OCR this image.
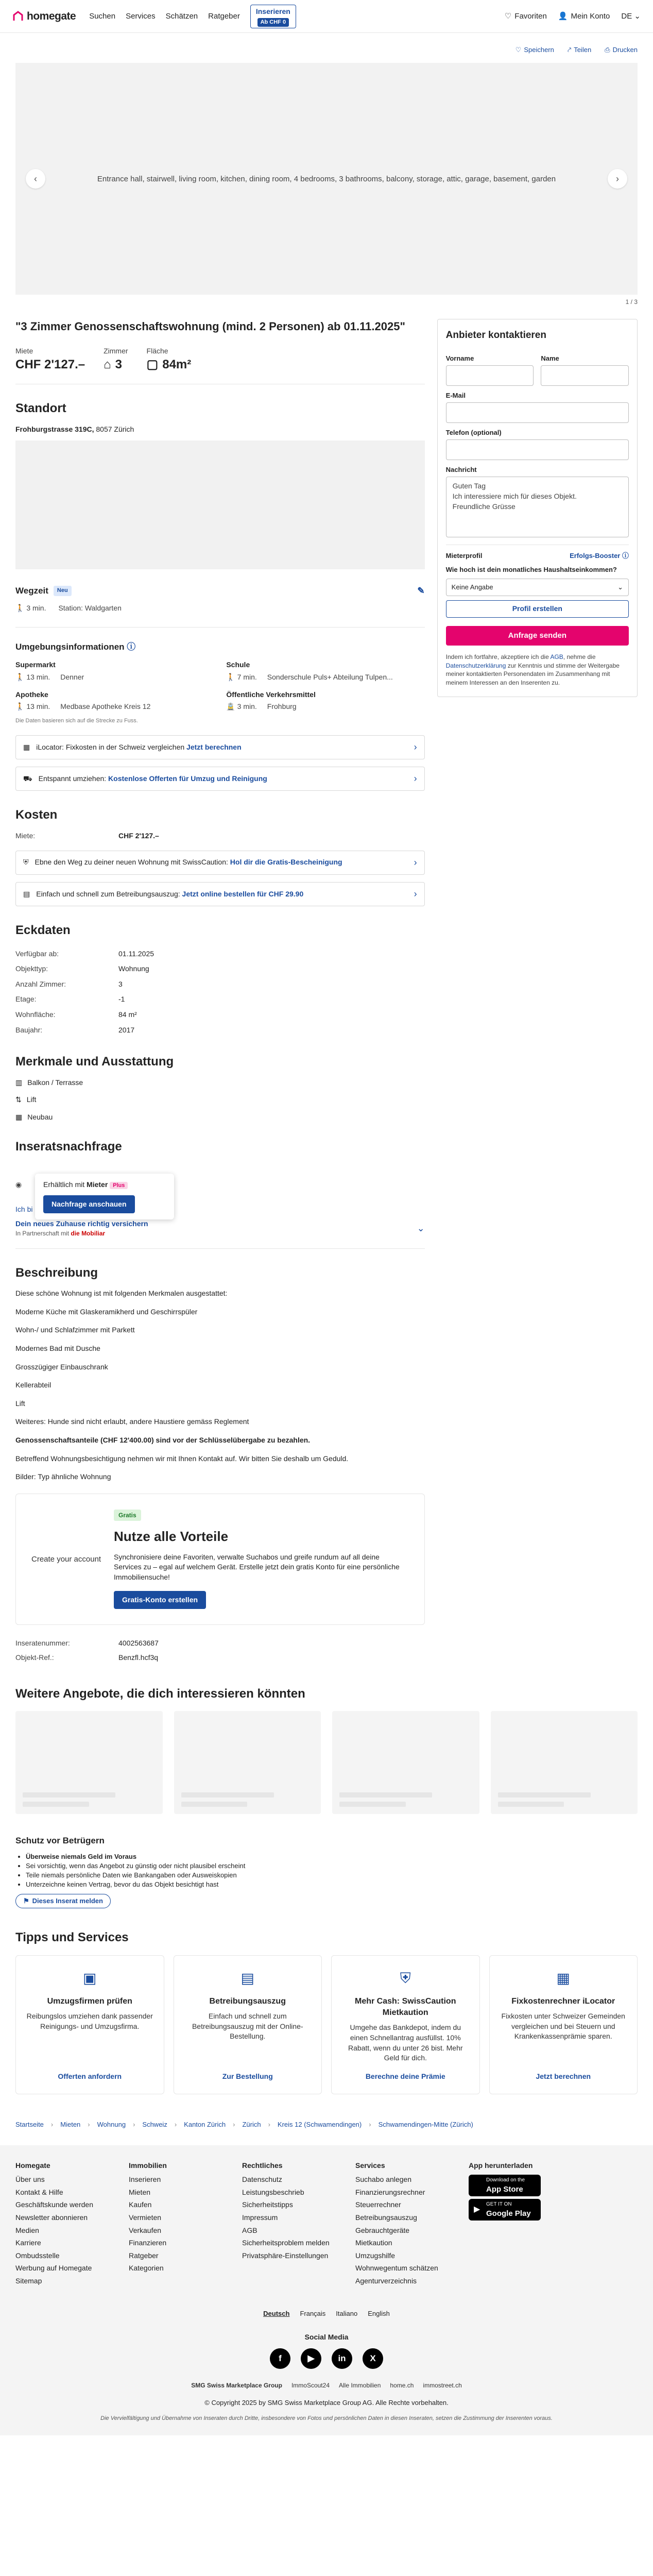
homegate Suchen Services Schätzen Ratgeber
Inserieren
Ab CHF 0
♡ Favoriten 👤 Mein Konto DE ⌄
♡ Speichern ⤤ Teilen ⎙ Drucken
‹	Entrance hall, stairwell, living room, kitchen, dining room, 4 bedrooms, 3 bathrooms, balcony, storage, attic, garage, basement, garden	›
1 / 3
"3 Zimmer Genossenschaftswohnung (mind. 2 Personen) ab 01.11.2025"
Miete
CHF 2'127.–
Zimmer
⌂ 3
Fläche
▢ 84m²
Standort
Frohburgstrasse 319C, 8057 Zürich
Wegzeit	Neu	✎
🚶 3 min. Station: Waldgarten
Umgebungsinformationen ⓘ
Supermarkt
🚶 13 min. Denner
Schule
🚶 7 min. Sonderschule Puls+ Abteilung Tulpen...
Apotheke
🚶 13 min. Medbase Apotheke Kreis 12
Öffentliche Verkehrsmittel
🚊 3 min. Frohburg
Die Daten basieren sich auf die Strecke zu Fuss.
▦ iLocator: Fixkosten in der Schweiz vergleichen Jetzt berechnen	›
⛟ Entspannt umziehen: Kostenlose Offerten für Umzug und Reinigung	›
Kosten
Miete:	CHF 2'127.–
⛨ Ebne den Weg zu deiner neuen Wohnung mit SwissCaution: Hol dir die Gratis-Bescheinigung	›
▤ Einfach und schnell zum Betreibungsauszug: Jetzt online bestellen für CHF 29.90	›
Eckdaten
Verfügbar ab:	01.11.2025
Objekttyp:	Wohnung
Anzahl Zimmer:	3
Etage:	-1
Wohnfläche:	84 m²
Baujahr:	2017
Merkmale und Ausstattung
▥ Balkon / Terrasse
⇅ Lift
▦ Neubau
Inseratsnachfrage
◉
Ich bi
Erhältlich mit Mieter Plus
Nachfrage anschauen
Dein neues Zuhause richtig versichern
In Partnerschaft mit die Mobiliar	⌄
Beschreibung

Diese schöne Wohnung ist mit folgenden Merkmalen ausgestattet:

Moderne Küche mit Glaskeramikherd und Geschirrspüler

Wohn-/ und Schlafzimmer mit Parkett

Modernes Bad mit Dusche

Grosszügiger Einbauschrank

Kellerabteil

Lift

Weiteres: Hunde sind nicht erlaubt, andere Haustiere gemäss Reglement

Genossenschaftsanteile (CHF 12'400.00) sind vor der Schlüsselübergabe zu bezahlen.

Betreffend Wohnungsbesichtigung nehmen wir mit Ihnen Kontakt auf. Wir bitten Sie deshalb um Geduld.

Bilder: Typ ähnliche Wohnung

Create your account
Gratis
Nutze alle Vorteile
Synchronisiere deine Favoriten, verwalte Suchabos und greife rundum auf all deine Services zu – egal auf welchem Gerät. Erstelle jetzt dein gratis Konto für eine persönliche Immobiliensuche!
Gratis-Konto erstellen
Inseratenummer:	4002563687
Objekt-Ref.:	Benzfl.hcf3q
Anbieter kontaktieren
Vorname	Name
E-Mail
Telefon (optional)
Nachricht
Guten Tag
Ich interessiere mich für dieses Objekt.
Freundliche Grüsse
Mieterprofil	Erfolgs-Booster ⓘ
Wie hoch ist dein monatliches Haushaltseinkommen?
Keine Angabe	⌄
Profil erstellen
Anfrage senden
Indem ich fortfahre, akzeptiere ich die AGB, nehme die Datenschutzerklärung zur Kenntnis und stimme der Weitergabe meiner kontaktierten Personendaten im Zusammenhang mit meinem Interessen an den Inserenten zu.
Weitere Angebote, die dich interessieren könnten
Schutz vor Betrügern
• Überweise niemals Geld im Voraus
• Sei vorsichtig, wenn das Angebot zu günstig oder nicht plausibel erscheint
• Teile niemals persönliche Daten wie Bankangaben oder Ausweiskopien
• Unterzeichne keinen Vertrag, bevor du das Objekt besichtigt hast
⚑ Dieses Inserat melden
Tipps und Services
▣
Umzugsfirmen prüfen
Reibungslos umziehen dank passender Reinigungs- und Umzugsfirma.
Offerten anfordern
▤
Betreibungsauszug
Einfach und schnell zum Betreibungsauszug mit der Online-Bestellung.
Zur Bestellung
⛨
Mehr Cash: SwissCaution Mietkaution
Umgehe das Bankdepot, indem du einen Schnellantrag ausfüllst. 10% Rabatt, wenn du unter 26 bist. Mehr Geld für dich.
Berechne deine Prämie
▦
Fixkostenrechner iLocator
Fixkosten unter Schweizer Gemeinden vergleichen und bei Steuern und Krankenkassenprämie sparen.
Jetzt berechnen
Startseite › Mieten › Wohnung › Schweiz › Kanton Zürich › Zürich › Kreis 12 (Schwamendingen) › Schwamendingen-Mitte (Zürich)
Homegate
Über uns
Kontakt & Hilfe
Geschäftskunde werden
Newsletter abonnieren
Medien
Karriere
Ombudsstelle
Werbung auf Homegate
Sitemap
Immobilien
Inserieren
Mieten
Kaufen
Vermieten
Verkaufen
Finanzieren
Ratgeber
Kategorien
Rechtliches
Datenschutz
Leistungsbeschrieb
Sicherheitstipps
Impressum
AGB
Sicherheitsproblem melden
Privatsphäre-Einstellungen
Services
Suchabo anlegen
Finanzierungsrechner
Steuerrechner
Betreibungsauszug
Gebrauchtgeräte
Mietkaution
Umzugshilfe
Wohnwegentum schätzen
Agenturverzeichnis
App herunterladen
Download on the
App Store
▶
GET IT ON
Google Play
Deutsch Français Italiano English
Social Media
f	▶	in	X
SMG Swiss Marketplace Group ImmoScout24 Alle Immobilien home.ch immostreet.ch
© Copyright 2025 by SMG Swiss Marketplace Group AG. Alle Rechte vorbehalten.
Die Vervielfältigung und Übernahme von Inseraten durch Dritte, insbesondere von Fotos und persönlichen Daten in diesen Inseraten, setzen die Zustimmung der Inserenten voraus.
